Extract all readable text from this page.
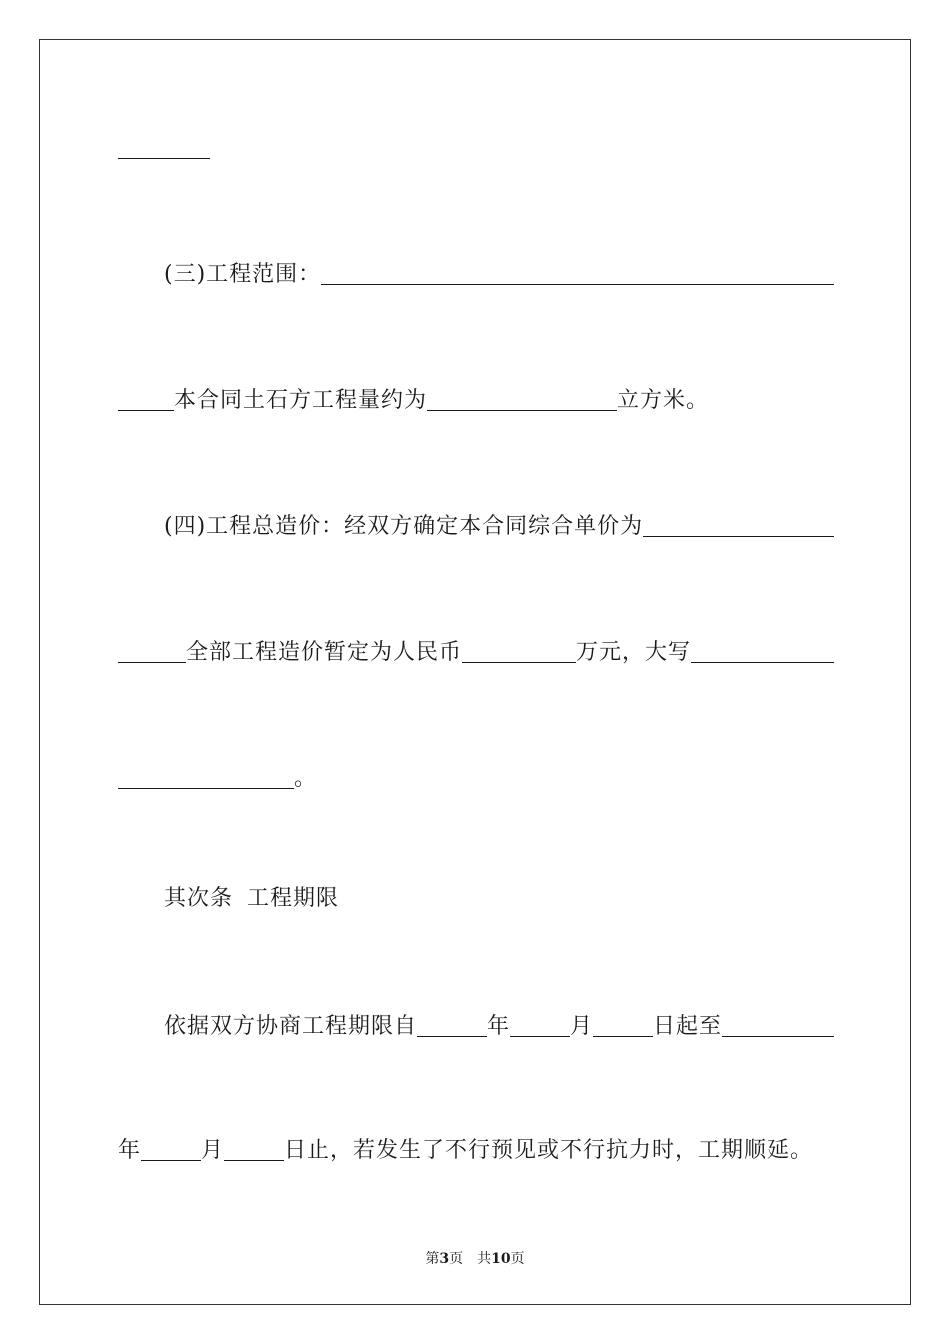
(三)工程范围：
本合同土石方工程量约为	立方米。
(四)工程总造价：经双方确定本合同综合单价为
全部工程造价暂定为人民币	万元，大写
。
其次条 工程期限
依据双方协商工程期限自	年	月	日起至
年	月	日止，若发生了不行预见或不行抗力时，工期顺延。
第3页 共10页
